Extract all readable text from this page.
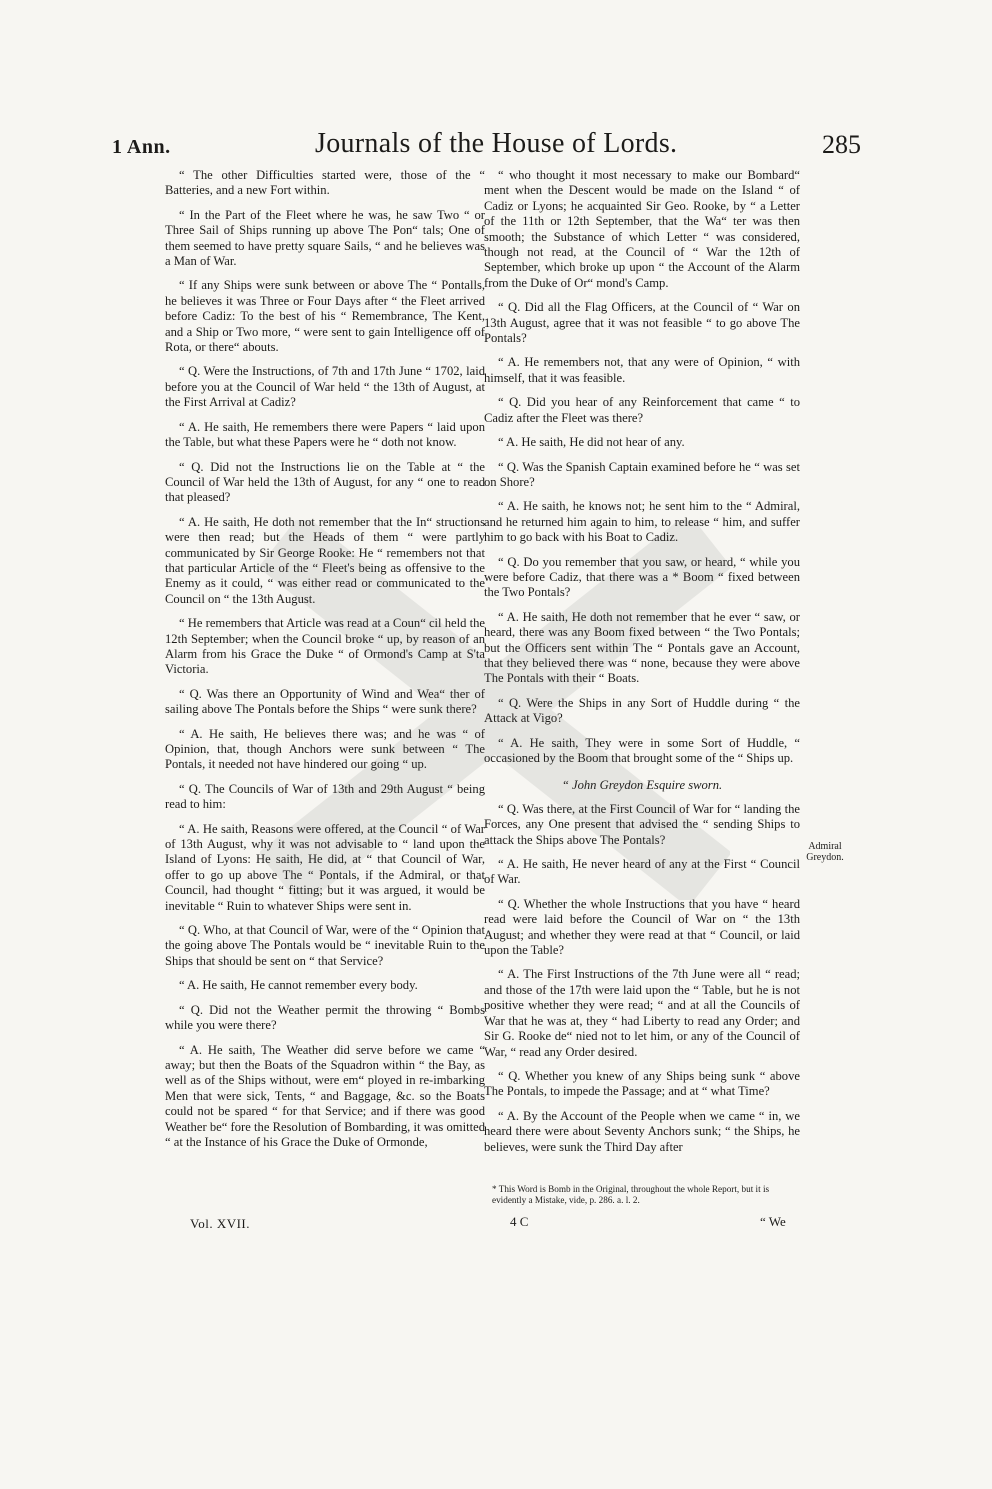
1 Ann.	Journals of the House of Lords.	285

“ The other Difficulties started were, those of the “ Batteries, and a new Fort within.

“ In the Part of the Fleet where he was, he saw Two “ or Three Sail of Ships running up above The Pon“ tals; One of them seemed to have pretty square Sails, “ and he believes was a Man of War.

“ If any Ships were sunk between or above The “ Pontalls, he believes it was Three or Four Days after “ the Fleet arrived before Cadiz: To the best of his “ Remembrance, The Kent, and a Ship or Two more, “ were sent to gain Intelligence off of Rota, or there“ abouts.

“ Q. Were the Instructions, of 7th and 17th June “ 1702, laid before you at the Council of War held “ the 13th of August, at the First Arrival at Cadiz?

“ A. He saith, He remembers there were Papers “ laid upon the Table, but what these Papers were he “ doth not know.

“ Q. Did not the Instructions lie on the Table at “ the Council of War held the 13th of August, for any “ one to read that pleased?

“ A. He saith, He doth not remember that the In“ structions were then read; but the Heads of them “ were partly communicated by Sir George Rooke: He “ remembers not that that particular Article of the “ Fleet's being as offensive to the Enemy as it could, “ was either read or communicated to the Council on “ the 13th August.

“ He remembers that Article was read at a Coun“ cil held the 12th September; when the Council broke “ up, by reason of an Alarm from his Grace the Duke “ of Ormond's Camp at S'ta Victoria.

“ Q. Was there an Opportunity of Wind and Wea“ ther of sailing above The Pontals before the Ships “ were sunk there?

“ A. He saith, He believes there was; and he was “ of Opinion, that, though Anchors were sunk between “ The Pontals, it needed not have hindered our going “ up.

“ Q. The Councils of War of 13th and 29th August “ being read to him:

“ A. He saith, Reasons were offered, at the Council “ of War of 13th August, why it was not advisable to “ land upon the Island of Lyons: He saith, He did, at “ that Council of War, offer to go up above The “ Pontals, if the Admiral, or that Council, had thought “ fitting; but it was argued, it would be inevitable “ Ruin to whatever Ships were sent in.

“ Q. Who, at that Council of War, were of the “ Opinion that the going above The Pontals would be “ inevitable Ruin to the Ships that should be sent on “ that Service?

“ A. He saith, He cannot remember every body.

“ Q. Did not the Weather permit the throwing “ Bombs while you were there?

“ A. He saith, The Weather did serve before we came “ away; but then the Boats of the Squadron within “ the Bay, as well as of the Ships without, were em“ ployed in re-imbarking Men that were sick, Tents, “ and Baggage, &c. so the Boats could not be spared “ for that Service; and if there was good Weather be“ fore the Resolution of Bombarding, it was omitted “ at the Instance of his Grace the Duke of Ormonde,

“ who thought it most necessary to make our Bombard“ ment when the Descent would be made on the Island “ of Cadiz or Lyons; he acquainted Sir Geo. Rooke, by “ a Letter of the 11th or 12th September, that the Wa“ ter was then smooth; the Substance of which Letter “ was considered, though not read, at the Council of “ War the 12th of September, which broke up upon “ the Account of the Alarm from the Duke of Or“ mond's Camp.

“ Q. Did all the Flag Officers, at the Council of “ War on 13th August, agree that it was not feasible “ to go above The Pontals?

“ A. He remembers not, that any were of Opinion, “ with himself, that it was feasible.

“ Q. Did you hear of any Reinforcement that came “ to Cadiz after the Fleet was there?

“ A. He saith, He did not hear of any.

“ Q. Was the Spanish Captain examined before he “ was set on Shore?

“ A. He saith, he knows not; he sent him to the “ Admiral, and he returned him again to him, to release “ him, and suffer him to go back with his Boat to Cadiz.

“ Q. Do you remember that you saw, or heard, “ while you were before Cadiz, that there was a * Boom “ fixed between the Two Pontals?

“ A. He saith, He doth not remember that he ever “ saw, or heard, there was any Boom fixed between “ the Two Pontals; but the Officers sent within The “ Pontals gave an Account, that they believed there was “ none, because they were above The Pontals with their “ Boats.

“ Q. Were the Ships in any Sort of Huddle during “ the Attack at Vigo?

“ A. He saith, They were in some Sort of Huddle, “ occasioned by the Boom that brought some of the “ Ships up.

“ John Greydon Esquire sworn.

“ Q. Was there, at the First Council of War for “ landing the Forces, any One present that advised the “ sending Ships to attack the Ships above The Pontals?

“ A. He saith, He never heard of any at the First “ Council of War.

“ Q. Whether the whole Instructions that you have “ heard read were laid before the Council of War on “ the 13th August; and whether they were read at that “ Council, or laid upon the Table?

“ A. The First Instructions of the 7th June were all “ read; and those of the 17th were laid upon the “ Table, but he is not positive whether they were read; “ and at all the Councils of War that he was at, they “ had Liberty to read any Order; and Sir G. Rooke de“ nied not to let him, or any of the Council of War, “ read any Order desired.

“ Q. Whether you knew of any Ships being sunk “ above The Pontals, to impede the Passage; and at “ what Time?

“ A. By the Account of the People when we came “ in, we heard there were about Seventy Anchors sunk; “ the Ships, he believes, were sunk the Third Day after

Admiral Greydon.
* This Word is Bomb in the Original, throughout the whole Report, but it is evidently a Mistake, vide, p. 286. a. l. 2.
Vol. XVII.	4 C	“ We
